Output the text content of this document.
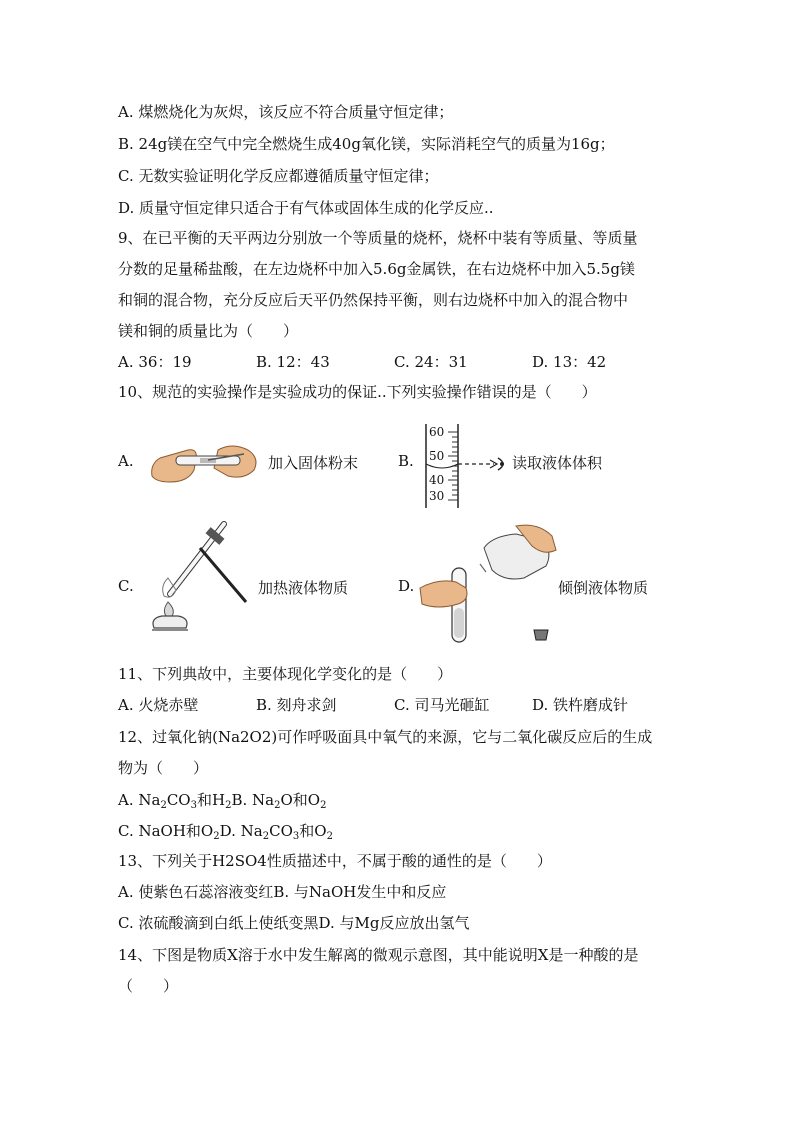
A. 煤燃烧化为灰烬，该反应不符合质量守恒定律；
B. 24g镁在空气中完全燃烧生成40g氧化镁，实际消耗空气的质量为16g；
C. 无数实验证明化学反应都遵循质量守恒定律；
D. 质量守恒定律只适合于有气体或固体生成的化学反应..
9、在已平衡的天平两边分别放一个等质量的烧杯，烧杯中装有等质量、等质量
分数的足量稀盐酸，在左边烧杯中加入5.6g金属铁，在右边烧杯中加入5.5g镁
和铜的混合物，充分反应后天平仍然保持平衡，则右边烧杯中加入的混合物中
镁和铜的质量比为（　　）
A. 36：19	B. 12：43	C. 24：31	D. 13：42
10、规范的实验操作是实验成功的保证..下列实验操作错误的是（　　）
A.	加入固体粉末	B.
60
50
40
30
读取液体体积
C.	加热液体物质	D.	倾倒液体物质
11、下列典故中，主要体现化学变化的是（　　）
A. 火烧赤壁	B. 刻舟求剑	C. 司马光砸缸	D. 铁杵磨成针
12、过氧化钠(Na2O2)可作呼吸面具中氧气的来源，它与二氧化碳反应后的生成
物为（　　）
A. $Na_2CO_3$和$H_2B$. $Na_2O$和$O_2$
C. NaOH和$O_2D$. $Na_2CO_3$和$O_2$
13、下列关于H2SO4性质描述中，不属于酸的通性的是（　　）
A. 使紫色石蕊溶液变红B. 与NaOH发生中和反应
C. 浓硫酸滴到白纸上使纸变黑D. 与Mg反应放出氢气
14、下图是物质X溶于水中发生解离的微观示意图，其中能说明X是一种酸的是
（　　）
